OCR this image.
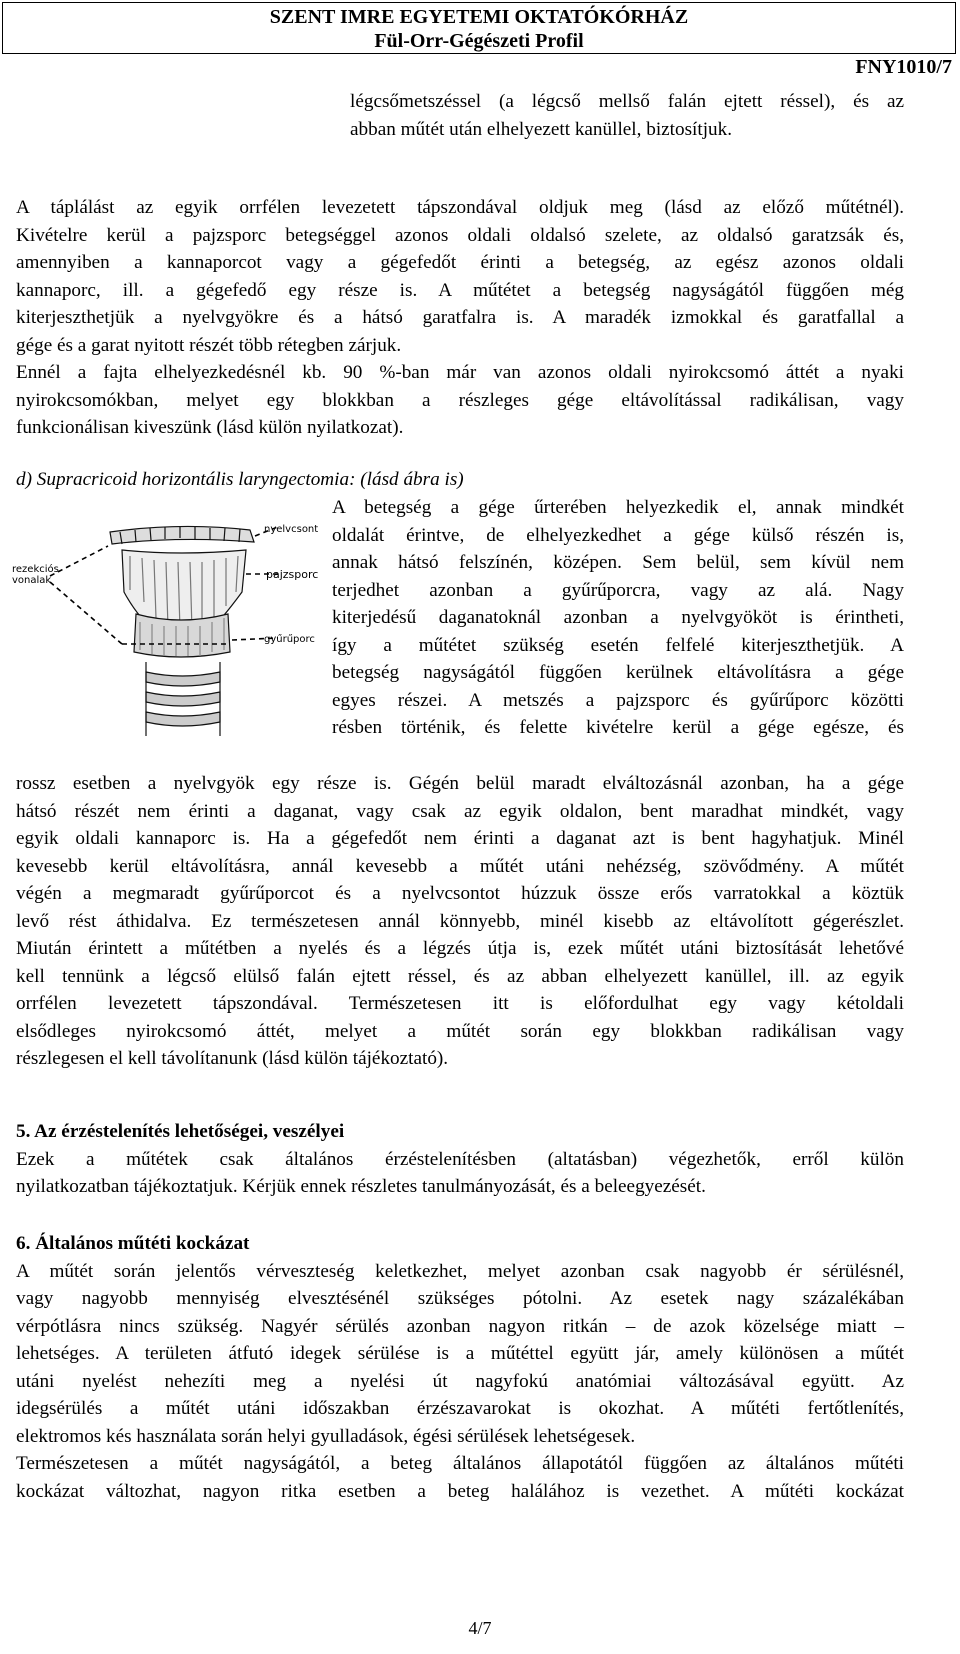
SZENT IMRE EGYETEMI OKTATÓKÓRHÁZ
Fül-Orr-Gégészeti Profil
FNY1010/7
légcsőmetszéssel (a légcső mellső falán ejtett réssel), és az
abban műtét után elhelyezett kanüllel, biztosítjuk.
A táplálást az egyik orrfélen levezetett tápszondával oldjuk meg (lásd az előző műtétnél).
Kivételre kerül a pajzsporc betegséggel azonos oldali oldalsó szelete, az oldalsó garatzsák és,
amennyiben a kannaporcot vagy a gégefedőt érinti a betegség, az egész azonos oldali
kannaporc, ill. a gégefedő egy része is. A műtétet a betegség nagyságától függően még
kiterjeszthetjük a nyelvgyökre és a hátsó garatfalra is. A maradék izmokkal és garatfallal a
gége és a garat nyitott részét több rétegben zárjuk.
Ennél a fajta elhelyezkedésnél kb. 90 %-ban már van azonos oldali nyirokcsomó áttét a nyaki
nyirokcsomókban, melyet egy blokkban a részleges gége eltávolítással radikálisan, vagy
funkcionálisan kiveszünk (lásd külön nyilatkozat).
d) Supracricoid horizontális laryngectomia: (lásd ábra is)
rezekciós
vonalak
nyelvcsont
pajzsporc
gyűrűporc
A betegség a gége űrterében helyezkedik el, annak mindkét
oldalát érintve, de elhelyezkedhet a gége külső részén is,
annak hátsó felszínén, középen. Sem belül, sem kívül nem
terjedhet azonban a gyűrűporcra, vagy az alá. Nagy
kiterjedésű daganatoknál azonban a nyelvgyököt is érintheti,
így a műtétet szükség esetén felfelé kiterjeszthetjük. A
betegség nagyságától függően kerülnek eltávolításra a gége
egyes részei. A metszés a pajzsporc és gyűrűporc közötti
résben történik, és felette kivételre kerül a gége egésze, és
rossz esetben a nyelvgyök egy része is. Gégén belül maradt elváltozásnál azonban, ha a gége
hátsó részét nem érinti a daganat, vagy csak az egyik oldalon, bent maradhat mindkét, vagy
egyik oldali kannaporc is. Ha a gégefedőt nem érinti a daganat azt is bent hagyhatjuk. Minél
kevesebb kerül eltávolításra, annál kevesebb a műtét utáni nehézség, szövődmény. A műtét
végén a megmaradt gyűrűporcot és a nyelvcsontot húzzuk össze erős varratokkal a köztük
levő rést áthidalva. Ez természetesen annál könnyebb, minél kisebb az eltávolított gégerészlet.
Miután érintett a műtétben a nyelés és a légzés útja is, ezek műtét utáni biztosítását lehetővé
kell tennünk a légcső elülső falán ejtett réssel, és az abban elhelyezett kanüllel, ill. az egyik
orrfélen levezetett tápszondával. Természetesen itt is előfordulhat egy vagy kétoldali
elsődleges nyirokcsomó áttét, melyet a műtét során egy blokkban radikálisan vagy
részlegesen el kell távolítanunk (lásd külön tájékoztató).
5. Az érzéstelenítés lehetőségei, veszélyei
Ezek a műtétek csak általános érzéstelenítésben (altatásban) végezhetők, erről külön
nyilatkozatban tájékoztatjuk. Kérjük ennek részletes tanulmányozását, és a beleegyezését.
6. Általános műtéti kockázat
A műtét során jelentős vérveszteség keletkezhet, melyet azonban csak nagyobb ér sérülésnél,
vagy nagyobb mennyiség elvesztésénél szükséges pótolni. Az esetek nagy százalékában
vérpótlásra nincs szükség. Nagyér sérülés azonban nagyon ritkán – de azok közelsége miatt –
lehetséges. A területen átfutó idegek sérülése is a műtéttel együtt jár, amely különösen a műtét
utáni nyelést nehezíti meg a nyelési út nagyfokú anatómiai változásával együtt. Az
idegsérülés a műtét utáni időszakban érzészavarokat is okozhat. A műtéti fertőtlenítés,
elektromos kés használata során helyi gyulladások, égési sérülések lehetségesek.
Természetesen a műtét nagyságától, a beteg általános állapotától függően az általános műtéti
kockázat változhat, nagyon ritka esetben a beteg halálához is vezethet. A műtéti kockázat
4/7
